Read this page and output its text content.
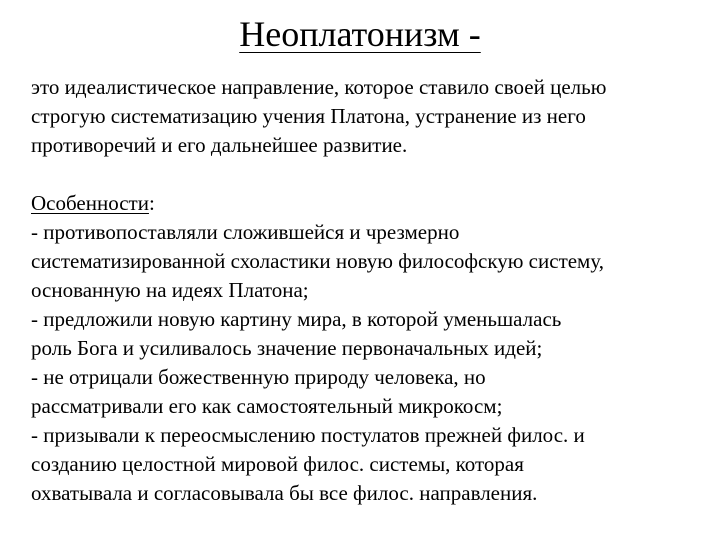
Неоплатонизм -

это идеалистическое направление, которое ставило своей целью
строгую систематизацию учения Платона, устранение из него
противоречий и его дальнейшее развитие.

Особенности:
- противопоставляли сложившейся и чрезмерно
систематизированной схоластики новую философскую систему,
основанную на идеях Платона;
- предложили новую картину мира, в которой уменьшалась
роль Бога и усиливалось значение первоначальных идей;
- не отрицали божественную природу человека, но
рассматривали его как самостоятельный микрокосм;
- призывали к переосмыслению постулатов прежней филос. и
созданию целостной мировой филос. системы, которая
охватывала и согласовывала бы все филос. направления.
